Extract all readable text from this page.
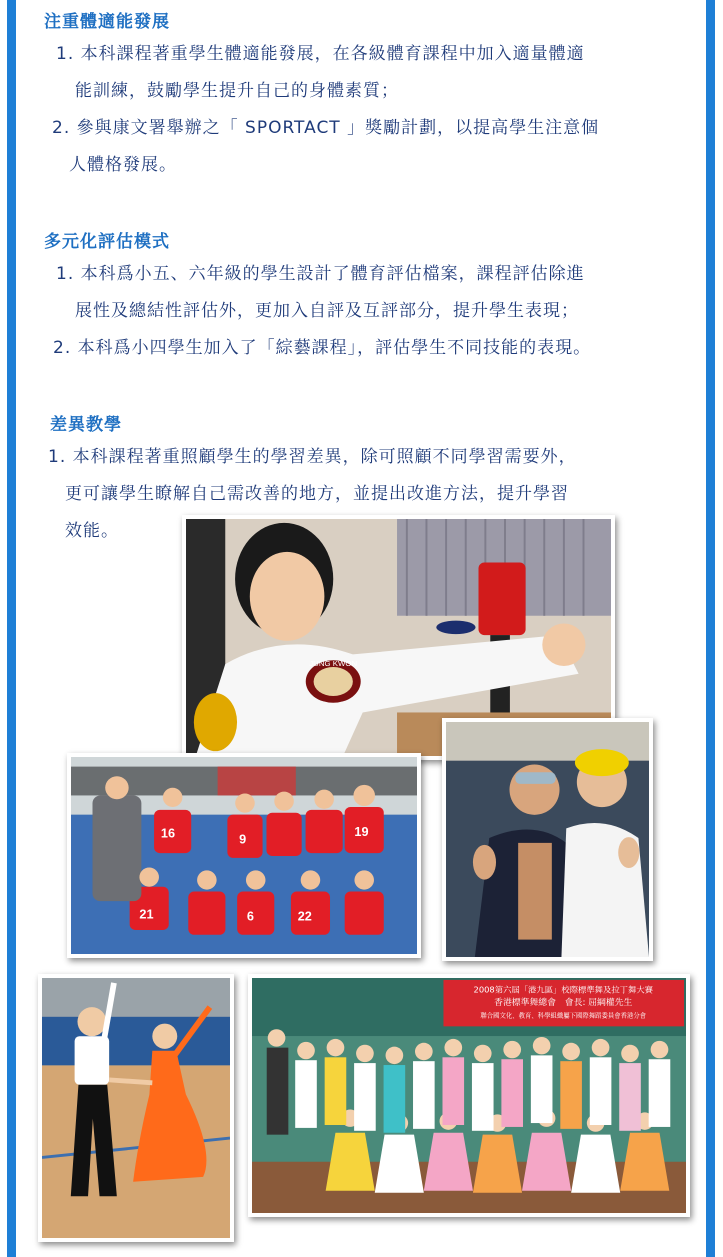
注重體適能發展
1. 本科課程著重學生體適能發展，在各級體育課程中加入適量體適
能訓練，鼓勵學生提升自己的身體素質；
2. 參與康文署舉辦之「 SPORTACT 」獎勵計劃，以提高學生注意個
人體格發展。
多元化評估模式
1. 本科爲小五、六年級的學生設計了體育評估檔案，課程評估除進
展性及總結性評估外，更加入自評及互評部分，提升學生表現；
2. 本科爲小四學生加入了「綜藝課程」，評估學生不同技能的表現。
差異教學
1. 本科課程著重照顧學生的學習差異，除可照顧不同學習需要外，
更可讓學生瞭解自己需改善的地方，並提出改進方法，提升學習
效能。
JUNG KWON
16	9
19
21	6	22
2008第六屆「港九區」校際標準舞及拉丁舞大賽
香港標準舞總會　會長: 屈綱權先生
聯合國文化、教育、科學組織屬下國際舞蹈委員會香港分會
